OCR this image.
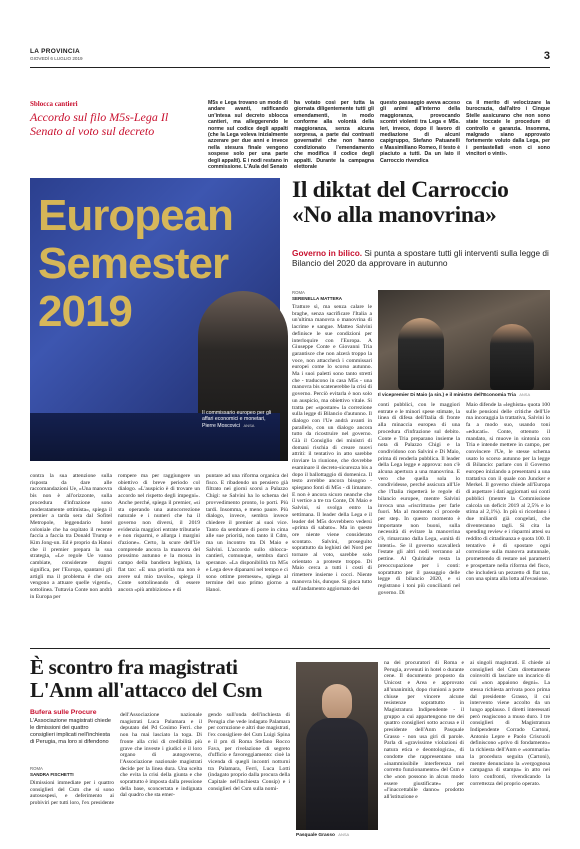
LA PROVINCIA
GIOVEDÌ 6 LUGLIO 2019	3
Sblocca cantieri
Accordo sul filo M5s-Lega Il Senato al voto sul decreto
M5s e Lega trovano un modo di andare avanti, ratificando un'intesa sul decreto sblocca cantieri, ma alleggerendo le norme sul codice degli appalti (che la Lega voleva inizialmente azzerare per due anni e invece nella stesura finale vengono sospese solo per una parte degli appalti). E i nodi restano in commissione. L'Aula del Senato
ha votato così per tutta la giornata diligentemente tutti gli emendamenti, in modo conforme alla volontà della maggioranza, senza alcuna sorpresa, a parte dai contrasti governativi che non hanno condizionato l'emendamento che modifica il codice degli appalti. Durante la campagna elettorale
questo passaggio aveva acceso gli animi all'interno della maggioranza, provocando scontri violenti tra Lega e M5s. Ieri, invece, dopo il lavoro di mediazione di alcuni capigruppo, Stefano Patuanelli e Massimiliano Romeo, il testo è piaciuto a tutti. Da un lato il Carroccio rivendica
ca il merito di velocizzare la burocrazia, dall'altro i Cinque Stelle assicurano che non sono state toccate le procedure di controllo e garanzia. Insomma, malgrado siano approvato fortemente voluto dalla Lega, per i pentastellati «non ci sono vincitori o vinti».
European Semester 2019
Il commissario europeo per gli affari economici e monetari, Pierre Moscovici ANSA
Il diktat del Carroccio «No alla manovrina»
Governo in bilico. Si punta a spostare tutti gli interventi sulla legge di Bilancio del 2020 da approvare in autunno
ROMA
SERENELLA MATTERA
Tratture sì, ma senza calare le braghe, senza sacrificare l'Italia a un'ultima manovra o manovrina di lacrime e sangue. Matteo Salvini definisce le sue condizioni per interloquire con l'Europa. A Giuseppe Conte e Giovanni Tria garantisce che non alzerà troppo la voce, non attaccherà i commissari europei come lo scorso autunno. Ma i suoi paletti sono tanto stretti che - traducono in casa M5s - una manovra bis scatenerebbe la crisi di governo. Perciò evitarla è non solo un auspicio, ma obiettivo vitale. Si tratta per «spostare» la correzione sulla legge di Bilancio d'autunno. Il dialogo con l'Ue andrà avanti in parallelo, con un dialogo ancora tutto da ricostruire nel governo. Già il Consiglio dei ministri di domani rischia di creare nuovi attriti: il tentativo in atto sarebbe rinviare la riunione, che dovrebbe esaminare il decreto-sicurezza bis a dopo il ballottaggio di domenica. Il testo avrebbe ancora bisogno - spiegano fonti di M5s - di limature. E non è ancora sicuro neanche che il vertice a tre tra Conte, Di Maio e Salvini, si svolga entro la settimana. Il leader della Lega e il leader del M5s dovrebbero vedersi «prima di sabato». Ma in queste ore niente viene considerato scontato. Salvini, proseguito soprattutto da leghisti del Nord per tornare al voto, sarebbe solo orientato a proteste troppo. Di Maio cerca a tutti i costi di rimettere insieme i cocci. Niente manovra bis, dunque. Si gioca tutto sull'andamento aggiornato dei
Il vicepremier Di Maio (a sin.) e il ministro dell'Economia Tria ANSA
conti pubblici, con le maggiori entrate e le minori spese stimate, la linea di difesa dell'Italia di fronte alla minaccia europea di una procedura d'infrazione sul debito. Conte e Tria preparano insieme la nota di Palazzo Chigi e la condividono con Salvini e Di Maio, prima di renderla pubblica. Il leader della Lega legge e approva: non c'è alcuna apertura a una manovrina. E vero che quella sola lo condividesse, perché assicura all'Ue che l'Italia rispetterà le regole di bilancio europee, mentre Salvini invoca una «riscrittura» per farle fuori. Ma al momento ci procede per step. In questo momento è importante non buoni, sulla necessità di evitare la manovrina c'è, rimarcano dalla Lega, «unità di intenti». Se il governo scavallerà l'estate gli altri nodi verranno al pettine. Al Quirinale resta la preoccupazione per i conti: soprattutto per il passaggio delle legge di bilancio 2020, e si registrano i toni più concilianti nel governo. Di
Maio difende la «leghista» quota 100 sulle pensioni delle critiche dell'Ue ma incoraggia la trattativa, Salvini lo fa a modo suo, usando toni «educati». Conte, ottenuto il mandato, si muove in sintonia con Tria e intende mettere in campo, per convincere l'Ue, le stesse schema usato lo scorso autunno per la legge di Bilancio: parlare con il Governo europeo iniziando a presentarsi a una trattativa con il quale con Juncker e Merkel. Il governo chiede all'Europa di aspettare i dati aggiornati sui conti pubblici (mentre la Commissione calcola un deficit 2019 al 2,5% e lo stima al 2,1%). In più si ricordano i due miliardi già congelati, che diventeranno tagli. Si cita la spending review e i risparmi attesi su reddito di cittadinanza e quota 100. Il tentativo è di spostare ogni correzione sulla manovra autunnale, promettendo di restare nei parametri e prospettare nella riforma del fisco, che includerà un pezzetto di flat tax, con una spinta alla lotta all'evasione.
contra la sua attenzione sulla risposta da dare alle raccomandazioni Ue, «Una manovra bis non è all'orizzonte, sulla procedura d'infrazione sono moderatamente ottimista», spiega il premier a tarda sera dal Sofitel Metropole, leggendario hotel coloniale che ha ospitato il recente faccia a faccia tra Donald Trump e Kim Jong-un. Ed è proprio da Hanoi che il premier prepara la sua strategia, «Le regole Ue vanno cambiate, considerate dogmi significa, per l'Europa, spantarsi gli artigli ma il problema è che ora vengono a attuare quelle vigenti», sottolinea. Tuttavia Conte non andrà in Europa per
rompere ma per raggiungere un obiettivo di breve periodo col dialogo. «L'auspicio è di trovare un accordo nel rispetto degli impegni». Anche perché, spiega il premier, «si sta operando una autocorrezione naturale e i numeri che ha il governo non diversi, il 2019 evidenzia maggiori entrate tributarie e non risparmi, e allarga i margini d'azione». Certo, la scure dell'Ue comprende ancora la manovra del prossimo autunno e la mossa in campo della bandiera leghista, la flat tax: «E una priorità ma non è avere sul mio tavolo», spiega il Conte sottolineando di essere ancora «più ambizioso» e di
puntare ad una riforma organica del fisco. E ribadendo un pensiero già filtrato nei giorni scorsi a Palazzo Chigi: se Salvini ha lo schema del provvedimento pronto, lo porti. Più tardi. Insomma, e meno paure. Più dialogo, invece, sembra invece chiedere il premier ai suoi vice. Tanto da sembrare di porre in cima alle sue priorità, non tanto il Cdm, ma un incontro tra Di Maio e Salvini. L'accordo sullo sblocca-cantieri, comunque, sembra darci speranze. «La disponibilità tra M5s e Lega deve dipanarsi nel tempo e ci sono ottime premesse», spiega al termine del suo primo giorno a Hanoi.
È scontro fra magistrati L'Anm all'attacco del Csm
Bufera sulle Procure
L'Associazione magistrati chiede le dimissioni dei quattro consiglieri implicati nell'inchiesta di Perugia, ma loro si difendono
ROMA
SANDRA FISCHETTI
Dimissioni immediate per i quattro consiglieri del Csm che si sono autosospesi, e deferimento ai probiviri per tutti loro, l'ex presidente
dell'Associazione nazionale magistrati Luca Palamara e il deputato del Pd Cosimo Ferri. che non ha mai lasciato la toga. Di fronte alla crisi di credibilità più grave che investe i giudici e il loro organo di autogoverno, l'Associazione nazionale magistrati decide per la linea dura. Una scelta che evita la crisi della giunta e che soprattutto è imposta dalla pressione della base, sconcertata e indignata dal quadro che sta emer-
gendo sull'onda dell'inchiesta di Perugia che vede indagato Palamara per corruzione e altri due magistrati, l'ex consigliere del Csm Luigi Spina e il pm di Roma Stefano Rocco Fava, per rivelazione di segreto d'ufficio e favoreggiamento: cioè la vicenda di quegli incontri notturni tra Palamara, Ferri, Luca Lotti (indagato proprio dalla procura della Capitale nell'inchiesta Consip) e i consiglieri del Csm sulla nomi-
Pasquale Grasso ANSA
na dei procuratori di Roma e Perugia, avvenuti in hotel o durante cene. Il documento proposto da Unicost e Area e approvato all'unanimità, dopo riunioni a porte chiuse per vincere alcune resistenze soprattutto in Magistratura Indipendente - il gruppo a cui appartengono tre dei quattro consiglieri sotto accusa e il presidente dell'Anm Pasquale Grasso - non usa giri di parole. Parla di «gravissime violazioni di natura etica e deontologica», di condotte che rappresentano una «inammissibile interferenza nel corretto funzionamento» del Csm e che «non possono in alcun modo essere giustificate» per «l'inaccettabile danno» prodotto all'istituzione e
ai singoli magistrati. E chiede ai consiglieri del Csm direttamente coinvolti di lasciare un incarico di cui «non appaiono degni». La stessa richiesta arrivata poco prima dal presidente Grasso, il cui intervento viene accolto da un lungo applauso. I diretti interessati però reagiscono a muso duro. I tre consiglieri di Magistratura Indipendente Corrado Cartoni, Antonio Lepre e Paolo Criscuoli definiscono «privo di fondamento» la richiesta dell'Anm e «sommaria» la procedura seguita (Cartoni), mentre denunciano la «vergognosa campagna di stampa» in atto nei loro confronti, rivendicando la correttezza del proprio operato.
